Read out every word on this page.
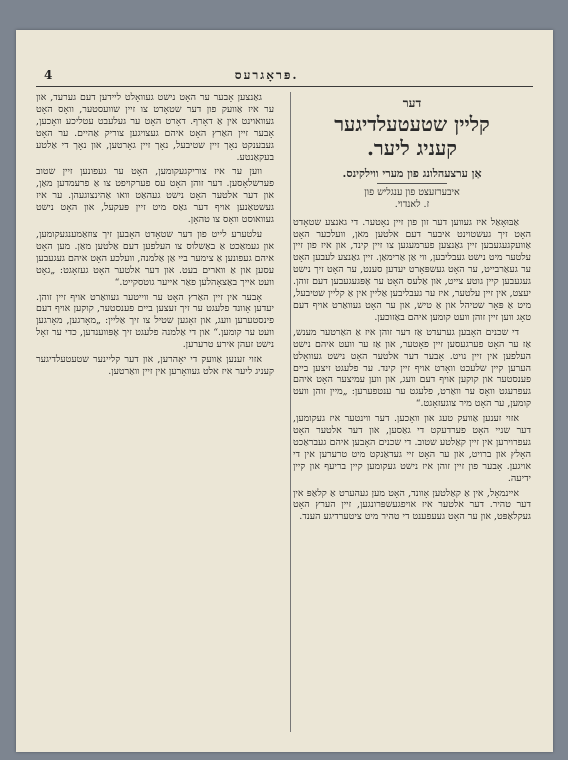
4	פּראָגרעס.
דער
קליין שטעטעלדיגער
קעניג ליער.
אַן ערצעהלונג פון מערי ווילקינס.
איבערזעצט פון ענגליש פון
ז. לאנדוי.

אַבּוּאָאַל איז געווען דער זון פון זיין נאָטער. די גאנצע שטאָדט האָט זיך געשטוינט איבער דעם אלטען מאן, וועלכער האָט אַוועקגעגעבען זיין גאַנצען פערמעגען צו זיין קינד, און איז פון זיין עלטער מיט נישט געבליבען, ווי אַן אַרימאַן. זיין גאַנצע לעבען האָט ער געאַרבייט, ער האָט געשפּאָרט יעדען סענט, ער האָט זיך נישט געגעבען קיין גוטע צייט, און אַלעס האָט ער אָפּגעגעבען דעם זוהן. יעצט, אין זיין עלטער, איז ער געבליבען אַליין אין אַ קליין שטיבעל, מיט אַ פּאָר שטיהל און אַ טיש, און ער האָט געוואַרט אויף דעם טאָג ווען זיין זוהן וועט קומען איהם באַזוכען.

די שכנים האָבען גערעדט אַז דער זוהן איז אַ האַרטער מענש, אַז ער האָט פערגעסען זיין פאָטער, און אַז ער וועט איהם נישט העלפען אין זיין נויט. אָבער דער אלטער האָט נישט געוואָלט הערען קיין שלעכט וואָרט אויף זיין קינד. ער פלעגט זיצען ביים פענסטער און קוקען אויף דעם וועג, און ווען עמיצער האָט איהם געפרעגט וואָס ער וואַרט, פלעגט ער ענטפערען: „מיין זוהן וועט קומען, ער האָט מיר צוגעזאָגט.“

אזוי זענען אַוועק טעג און וואָכען. דער ווינטער איז געקומען, דער שניי האָט פערדעקט די גאַסען, און דער אלטער האָט געפרוירען אין זיין קאַלטע שטוב. די שכנים האָבען איהם געבראַכט האָלץ און ברויט, און ער האָט זיי געדאַנקט מיט טרערען אין די אויגען. אָבער פון זיין זוהן איז נישט געקומען קיין בריעף און קיין ידיעה.

איינמאָל, אין אַ קאַלטען אָוונד, האָט מען געהערט אַ קלאַפּ אין דער טהיר. דער אלטער איז אויפגעשפּרונגען, זיין הערץ האָט געקלאַפּט, און ער האָט געעפענט די טהיר מיט ציטערדיגע הענד.

גאַנצען אָבער ער האָט נישט געוואָלט ליידען דעם גערעד, און ער איז אַוועק פון דער שטאָדט צו זיין שוועסטער, וואָס האָט געוואוינט אין אַ דאָרף. דאָרט האָט ער געלעבט עטליכע וואָכען, אָבער זיין האַרץ האָט איהם געצויגען צוריק אַהיים. ער האָט געבענקט נאָך זיין שטיבעל, נאָך זיין גאָרטען, און נאָך די אַלטע בעקאַנטע.

ווען ער איז צוריקגעקומען, האָט ער געפונען זיין שטוב פערשלאָסען. דער זוהן האָט עס פערקויפט צו אַ פרעמדען מאַן, און דער אלטער האָט נישט געהאַט וואו אַהינצוגעהן. ער איז געשטאַנען אויף דער גאַס מיט זיין פּעקעל, און האָט נישט געוואוסט וואָס צו טהאָן.

עלטערע לייט פון דער שטאָדט האָבען זיך צוזאַמענגעקומען, און געמאַכט אַ באַשלוס צו העלפען דעם אַלטען מאַן. מען האָט איהם געפונען אַ צימער ביי אַן אַלמנה, וועלכע האָט איהם געגעבען עסען און אַ ווארים בעט. און דער אלטער האָט געזאָגט: „גאָט וועט אייך באַצאָהלען פאַר אייער גוטסקייט.“

אָבער אין זיין האַרץ האָט ער ווייטער געוואַרט אויף זיין זוהן. יעדען אָוונד פלעגט ער זיך זעצען ביים פענסטער, קוקען אויף דעם פינסטערען וועג, און זאָגען שטיל צו זיך אַליין: „מאָרגען, מאָרגען וועט ער קומען.“ און די אַלמנה פלעגט זיך אָפּווענדען, כדי ער זאָל נישט זעהן אירע טרערען.

אזוי זענען אַוועק די יאָהרען, און דער קליינער שטעטעלדיגער קעניג ליער איז אלט געוואָרען אין זיין וואַרטען.
